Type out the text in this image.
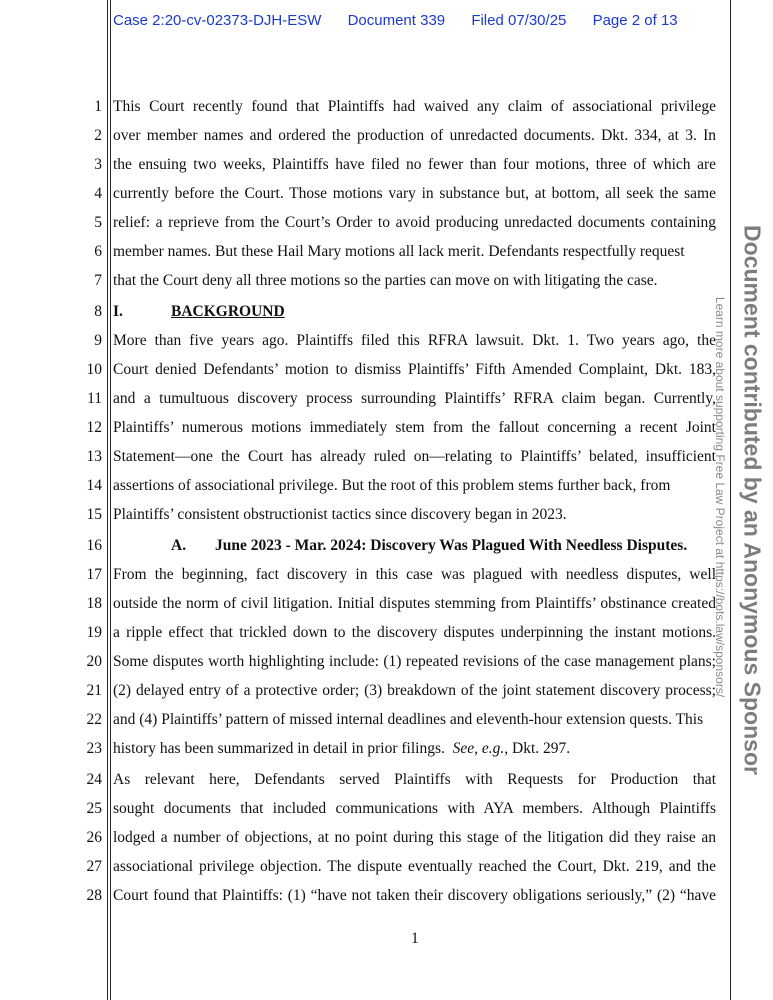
Case 2:20-cv-02373-DJH-ESW Document 339 Filed 07/30/25 Page 2 of 13
1 This Court recently found that Plaintiffs had waived any claim of associational privilege
2 over member names and ordered the production of unredacted documents. Dkt. 334, at 3. In
3 the ensuing two weeks, Plaintiffs have filed no fewer than four motions, three of which are
4 currently before the Court. Those motions vary in substance but, at bottom, all seek the same
5 relief: a reprieve from the Court’s Order to avoid producing unredacted documents containing
6 member names. But these Hail Mary motions all lack merit. Defendants respectfully request
7 that the Court deny all three motions so the parties can move on with litigating the case.
8 I.	BACKGROUND
9 More than five years ago. Plaintiffs filed this RFRA lawsuit. Dkt. 1. Two years ago, the
10 Court denied Defendants’ motion to dismiss Plaintiffs’ Fifth Amended Complaint, Dkt. 183,
11 and a tumultuous discovery process surrounding Plaintiffs’ RFRA claim began. Currently,
12 Plaintiffs’ numerous motions immediately stem from the fallout concerning a recent Joint
13 Statement—one the Court has already ruled on—relating to Plaintiffs’ belated, insufficient
14 assertions of associational privilege. But the root of this problem stems further back, from
15 Plaintiffs’ consistent obstructionist tactics since discovery began in 2023.
16	A. June 2023 - Mar. 2024: Discovery Was Plagued With Needless Disputes.
17 From the beginning, fact discovery in this case was plagued with needless disputes, well
18 outside the norm of civil litigation. Initial disputes stemming from Plaintiffs’ obstinance created
19 a ripple effect that trickled down to the discovery disputes underpinning the instant motions.
20 Some disputes worth highlighting include: (1) repeated revisions of the case management plans;
21 (2) delayed entry of a protective order; (3) breakdown of the joint statement discovery process;
22 and (4) Plaintiffs’ pattern of missed internal deadlines and eleventh-hour extension quests. This
23 history has been summarized in detail in prior filings.  See, e.g., Dkt. 297.
24 As relevant here, Defendants served Plaintiffs with Requests for Production that
25 sought documents that included communications with AYA members. Although Plaintiffs
26 lodged a number of objections, at no point during this stage of the litigation did they raise an
27 associational privilege objection. The dispute eventually reached the Court, Dkt. 219, and the
28 Court found that Plaintiffs: (1) “have not taken their discovery obligations seriously,” (2) “have
1
Document contributed by an Anonymous Sponsor
Learn more about supporting Free Law Project at https://bots.law/sponsors/
